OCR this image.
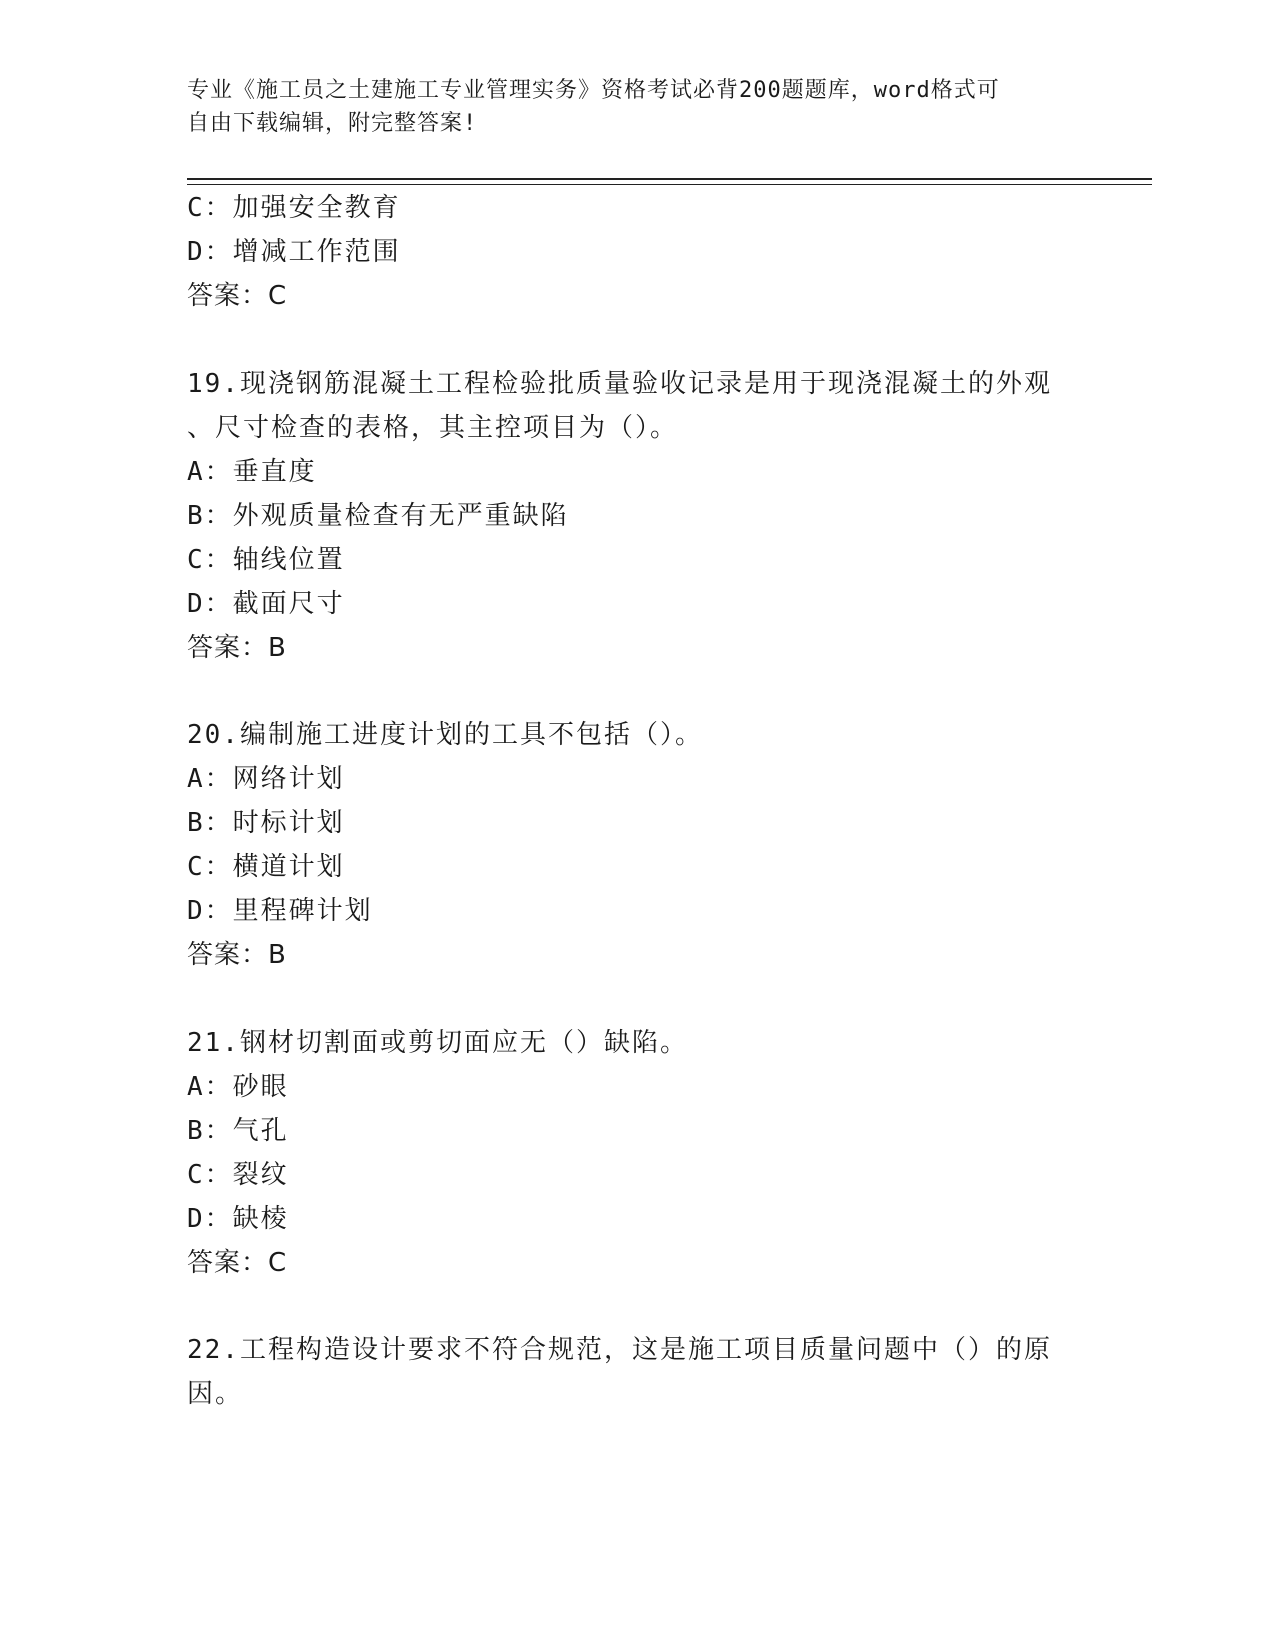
专业《施工员之土建施工专业管理实务》资格考试必背200题题库，word格式可
自由下载编辑，附完整答案!
C：加强安全教育
D：增减工作范围
答案：C
19.现浇钢筋混凝土工程检验批质量验收记录是用于现浇混凝土的外观
、尺寸检查的表格，其主控项目为（）。
A：垂直度
B：外观质量检查有无严重缺陷
C：轴线位置
D：截面尺寸
答案：B
20.编制施工进度计划的工具不包括（）。
A：网络计划
B：时标计划
C：横道计划
D：里程碑计划
答案：B
21.钢材切割面或剪切面应无（）缺陷。
A：砂眼
B：气孔
C：裂纹
D：缺棱
答案：C
22.工程构造设计要求不符合规范，这是施工项目质量问题中（）的原
因。
